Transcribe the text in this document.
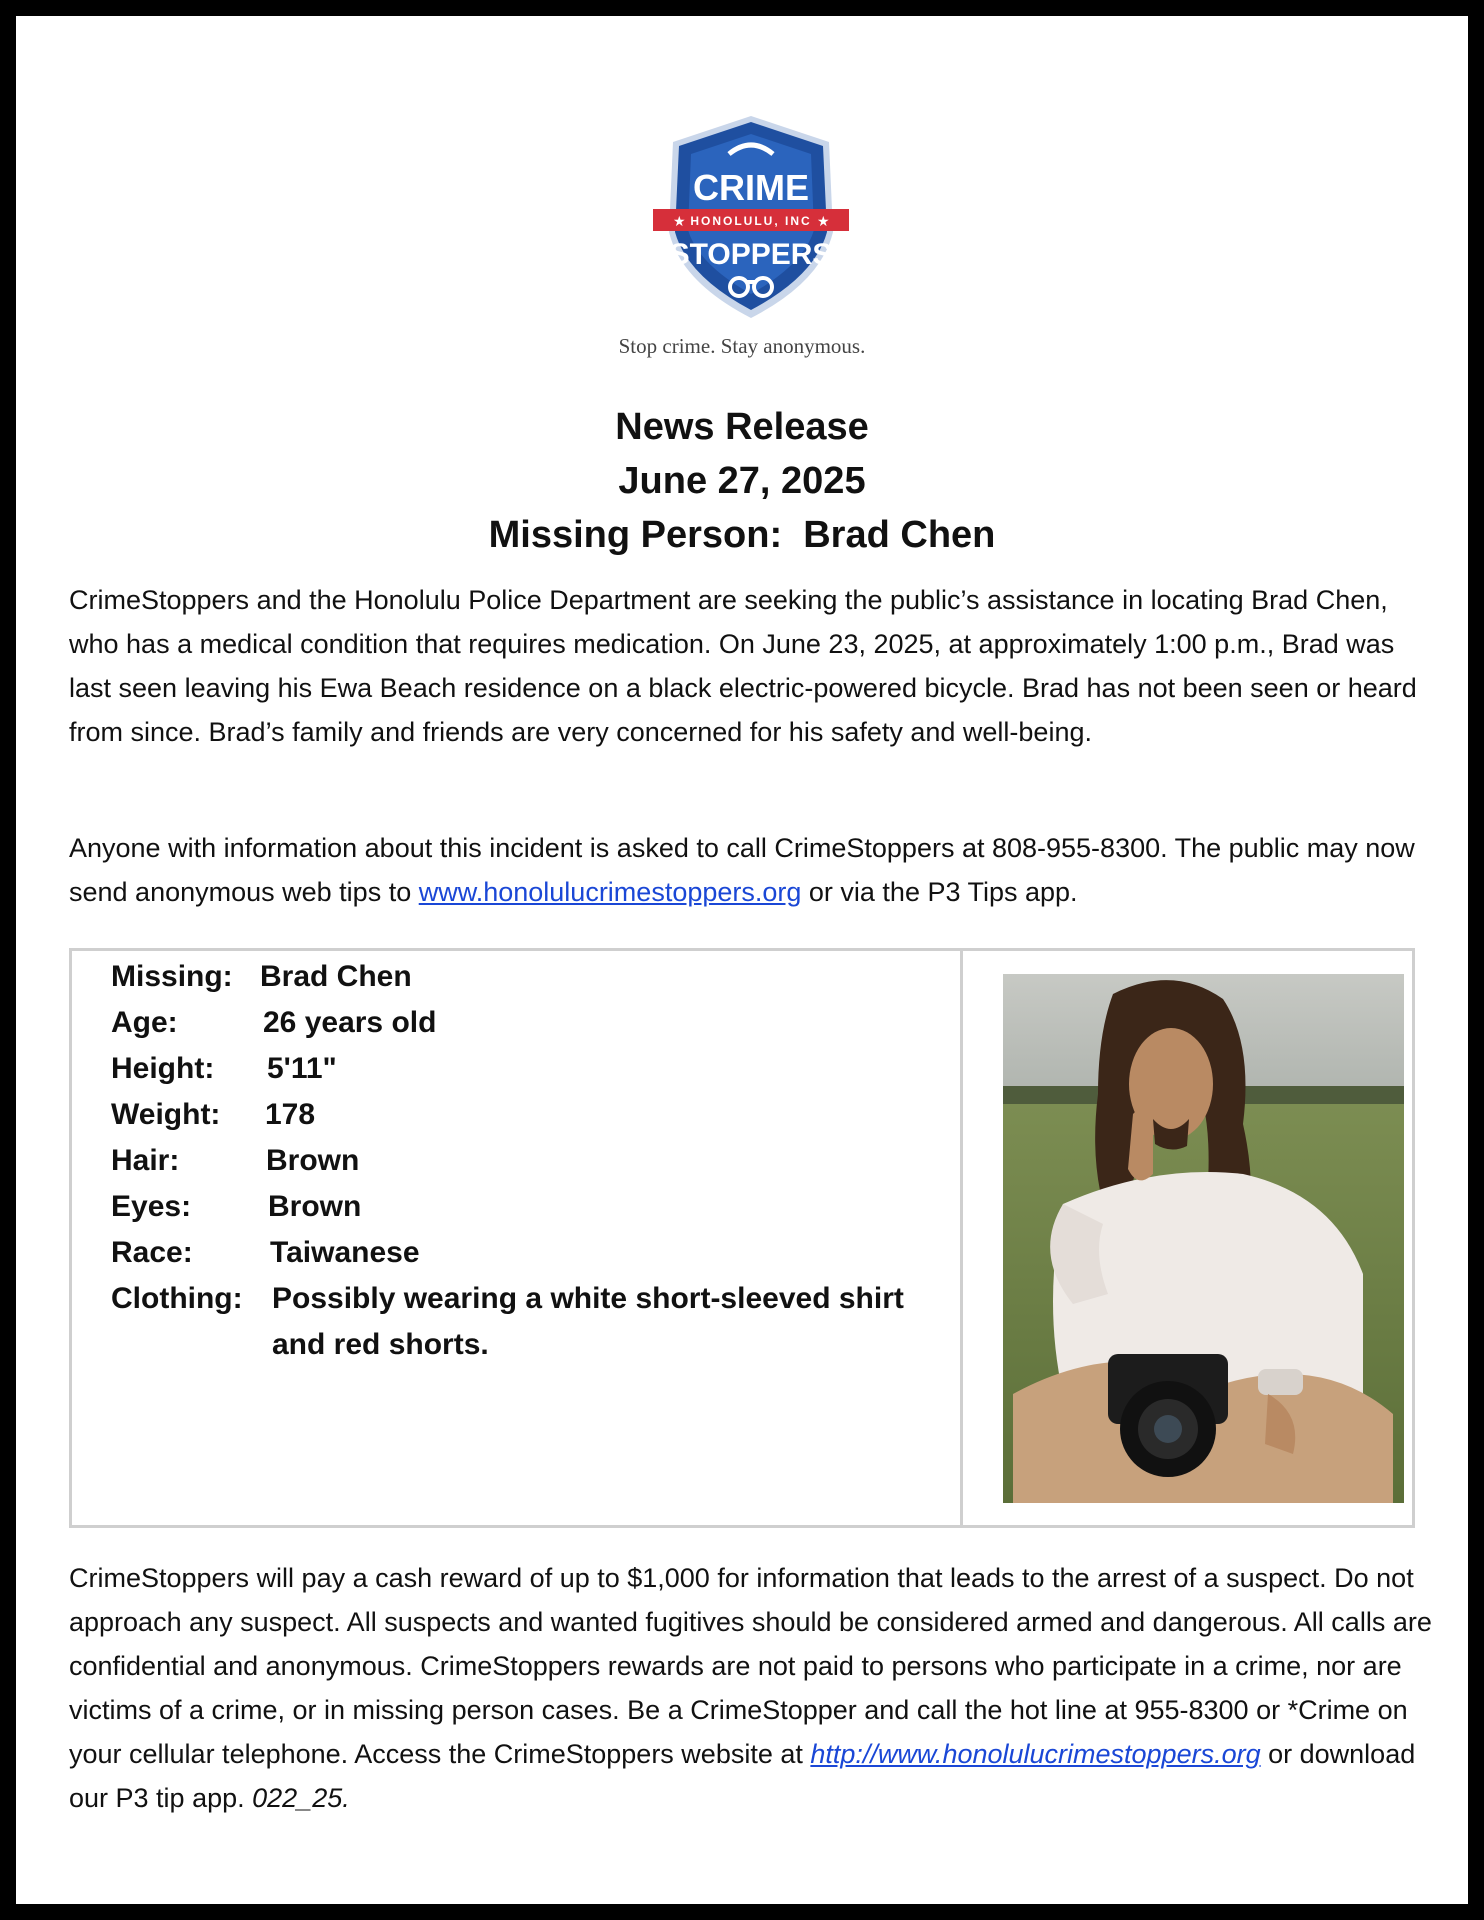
CRIME
HONOLULU, INC
★	★
STOPPERS
Stop crime. Stay anonymous.
News Release
June 27, 2025
Missing Person:  Brad Chen
CrimeStoppers and the Honolulu Police Department are seeking the public’s assistance in locating Brad Chen, who has a medical condition that requires medication. On June 23, 2025, at approximately 1:00 p.m., Brad was last seen leaving his Ewa Beach residence on a black electric-powered bicycle. Brad has not been seen or heard from since. Brad’s family and friends are very concerned for his safety and well-being.
Anyone with information about this incident is asked to call CrimeStoppers at 808-955-8300. The public may now send anonymous web tips to www.honolulucrimestoppers.org or via the P3 Tips app.
Missing: Brad Chen
Age:	26 years old
Height: 5'11"
Weight: 178
Hair:	Brown
Eyes:	Brown
Race:	Taiwanese
Clothing: Possibly wearing a white short-sleeved shirt and red shorts.
CrimeStoppers will pay a cash reward of up to $1,000 for information that leads to the arrest of a suspect. Do not approach any suspect. All suspects and wanted fugitives should be considered armed and dangerous. All calls are confidential and anonymous. CrimeStoppers rewards are not paid to persons who participate in a crime, nor are victims of a crime, or in missing person cases. Be a CrimeStopper and call the hot line at 955-8300 or *Crime on your cellular telephone. Access the CrimeStoppers website at http://www.honolulucrimestoppers.org or download our P3 tip app. 022_25.
